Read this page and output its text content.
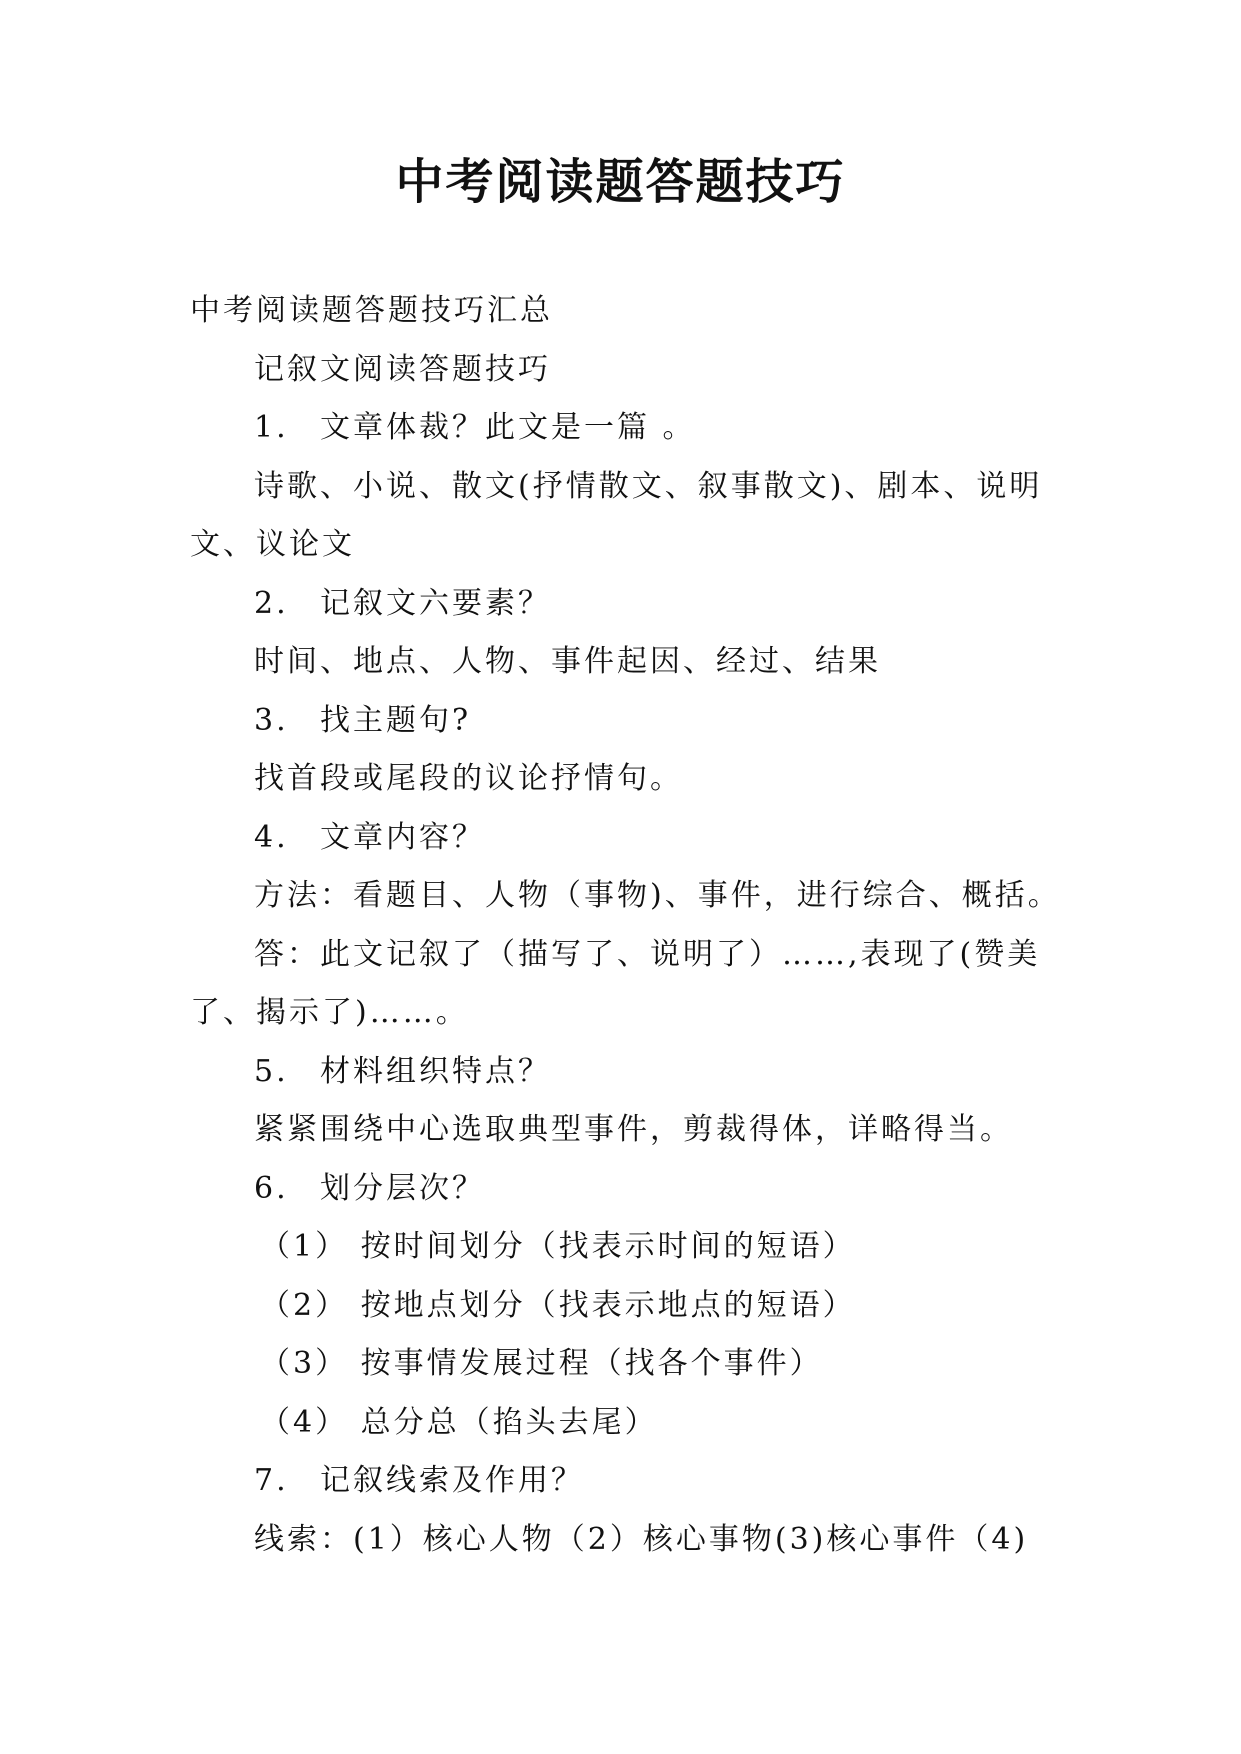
中考阅读题答题技巧
中考阅读题答题技巧汇总
记叙文阅读答题技巧
1. 文章体裁？此文是一篇 。
诗歌、小说、散文(抒情散文、叙事散文)、剧本、说明
文、议论文
2. 记叙文六要素？
时间、地点、人物、事件起因、经过、结果
3. 找主题句?
找首段或尾段的议论抒情句。
4. 文章内容？
方法：看题目、人物（事物)、事件，进行综合、概括。
答：此文记叙了（描写了、说明了）……,表现了(赞美
了、揭示了)……。
5. 材料组织特点？
紧紧围绕中心选取典型事件，剪裁得体，详略得当。
6. 划分层次？
（1） 按时间划分（找表示时间的短语）
（2） 按地点划分（找表示地点的短语）
（3） 按事情发展过程（找各个事件）
（4） 总分总（掐头去尾）
7. 记叙线索及作用？
线索：(1）核心人物（2）核心事物(3)核心事件（4)
